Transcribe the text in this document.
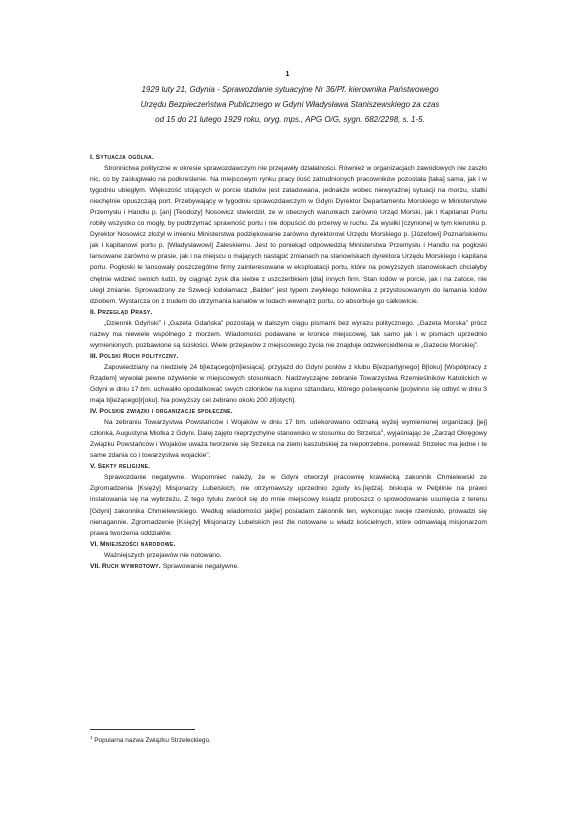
1
1929 luty 21, Gdynia - Sprawozdanie sytuacyjne Nr 36/Pf. kierownika Państwowego
Urzędu Bezpieczeństwa Publicznego w Gdyni Władysława Staniszewskiego za czas
od 15 do 21 lutego 1929 roku, oryg. mps., APG O/G, sygn. 682/2298, s. 1-5.
I. Sytuacja ogólna.

Stronnictwa polityczne w okresie sprawozdawczym nie przejawiły działalności. Również w organizacjach zawodowych nie zaszło nic, co by zasługiwało na podkreślenie. Na miejscowym rynku pracy ilość zatrudnionych pracowników pozostała [taka] sama, jak i w tygodniu ubiegłym. Większość stojących w porcie statków jest zatadowana, jednakże wobec niewyraźnej sytuacji na morzu, statki niechętnie opuszczają port. Przebywający w tygodniu sprawozdawczym w Gdyni Dyrektor Departamentu Morskiego w Ministerstwie Przemysłu i Handlu p. [an] [Teodozy] Nosowicz stwierdził, że w obecnych warunkach zarówno Urząd Morski, jak i Kapitanat Portu robiły wszystko co mogły, by podtrzymać sprawność portu i nie dopuścić do przerwy w ruchu. Za wysiłki [czynione] w tym kierunku p. Dyrektor Nosowicz złożył w imieniu Ministerstwa podziękowanie zarówno dyrektorowi Urzędu Morskiego p. [Józefowi] Poznańskiemu jak i kapitanowi portu p. [Władysławowi] Zaleskiemu. Jest to poniekąd odpowiedzią Ministerstwa Przemysłu i Handlu na pogłoski lansowane zarówno w prasie, jak i na miejscu o mających nastąpić zmianach na stanowiskach dyrektora Urzędu Morskiego i kapitana portu. Pogłoski te lansowały poszczególne firmy zainteresowane w eksploatacji portu, które na powyższych stanowiskach chciałyby chętnie widzieć swoich ludzi, by ciągnąć zysk dla siebie z uszczerbkiem [dla] innych firm. Stan lodów w porcie, jak i na zatoce, nie uległ zmianie. Sprowadzony ze Szwecji lodołamacz „Balder” jest typem zwykłego holownika z przystosowanym do łamania lodów dziobem. Wystarcza on z trudem do utrzymania kanałów w lodach wewnątrz portu, co absorbuje go całkowicie.

II. Przegląd Prasy.

„Dziennik Gdyński” i „Gazeta Gdańska” pozostają w dalszym ciągu pismami bez wyrazu politycznego. „Gazeta Morska” prócz nazwy ma niewiele wspólnego z morzem. Wiadomości podawane w kronice miejscowej, tak samo jak i w pismach uprzednio wymienionych, pozbawione są ścisłości. Wiele przejawów z miejscowego życia nie znajduje odzwierciedlenia w „Gazecie Morskiej”.

III. Polski Ruch polityczny.

Zapowiedziany na niedzielę 24 b[ieżącego]m[iesiąca]. przyjazd do Gdyni posłów z klubu B[ezpartyjnego] B[loku] [Współpracy z Rządem] wywołał pewne ożywienie w miejscowych stosunkach. Nadzwyczajne zebranie Towarzystwa Rzemieślników Katolickich w Gdyni w dniu 17 bm. uchwaliło opodatkować swych członków na kupno sztandaru, którego poświęcenie [po]winno się odbyć w dniu 3 maja b[ieżącego]r[oku]. Na powyższy cel zebrano około 200 zł[otych].

IV. Polskie związki i organizacje społeczne.

Na zebraniu Towarzystwa Powstańców i Wojaków w dniu 17 bm. udekorowano odznaką wyżej wymienionej organizacji [jej] członka, Augustyna Miotka z Gdyni. Dalej zajęto nieprzychylne stanowisko w stosunku do Strzelca$^1$, wyjaśniając że „Zarząd Okręgowy Związku Powstańców i Wojaków uważa tworzenie się Strzelca na ziemi kaszubskiej za niepotrzebne, ponieważ Strzelec ma jedne i te same zdania co i towarzystwa wojackie”.

V. Sekty religijne.

Sprawozdanie negatywne. Wspomnieć należy, że w Gdyni otworzył pracownię krawiecką zakonnik Chmielewski ze Zgromadzenia [Księży] Misjonarzy Lubelskich, nie otrzymawszy uprzednio zgody ks.[iędza]. biskupa w Pelplinie na prawo instalowania się na wybrzeżu. Z tego tytułu zwrócił się do mnie miejscowy ksiądz proboszcz o spowodowanie usunięcia z terenu [Gdyni] zakonnika Chmielewskiego. Według wiadomości jak[ie] posiadam zakonnik ten, wykonując swoje rzemiosło, prowadzi się nienagannie. Zgromadzenie [Księży] Misjonarzy Lubelskich jest źle notowane u władz kościelnych, które odmawiają misjonarzom prawa tworzenia oddziałów.

VI. Mniejszości narodowe.

Ważniejszych przejawów nie notowano.

VII. Ruch wywrotowy. Sprawowanie negatywne.
$^1$ Popularna nazwa Związku Strzeleckiego.
